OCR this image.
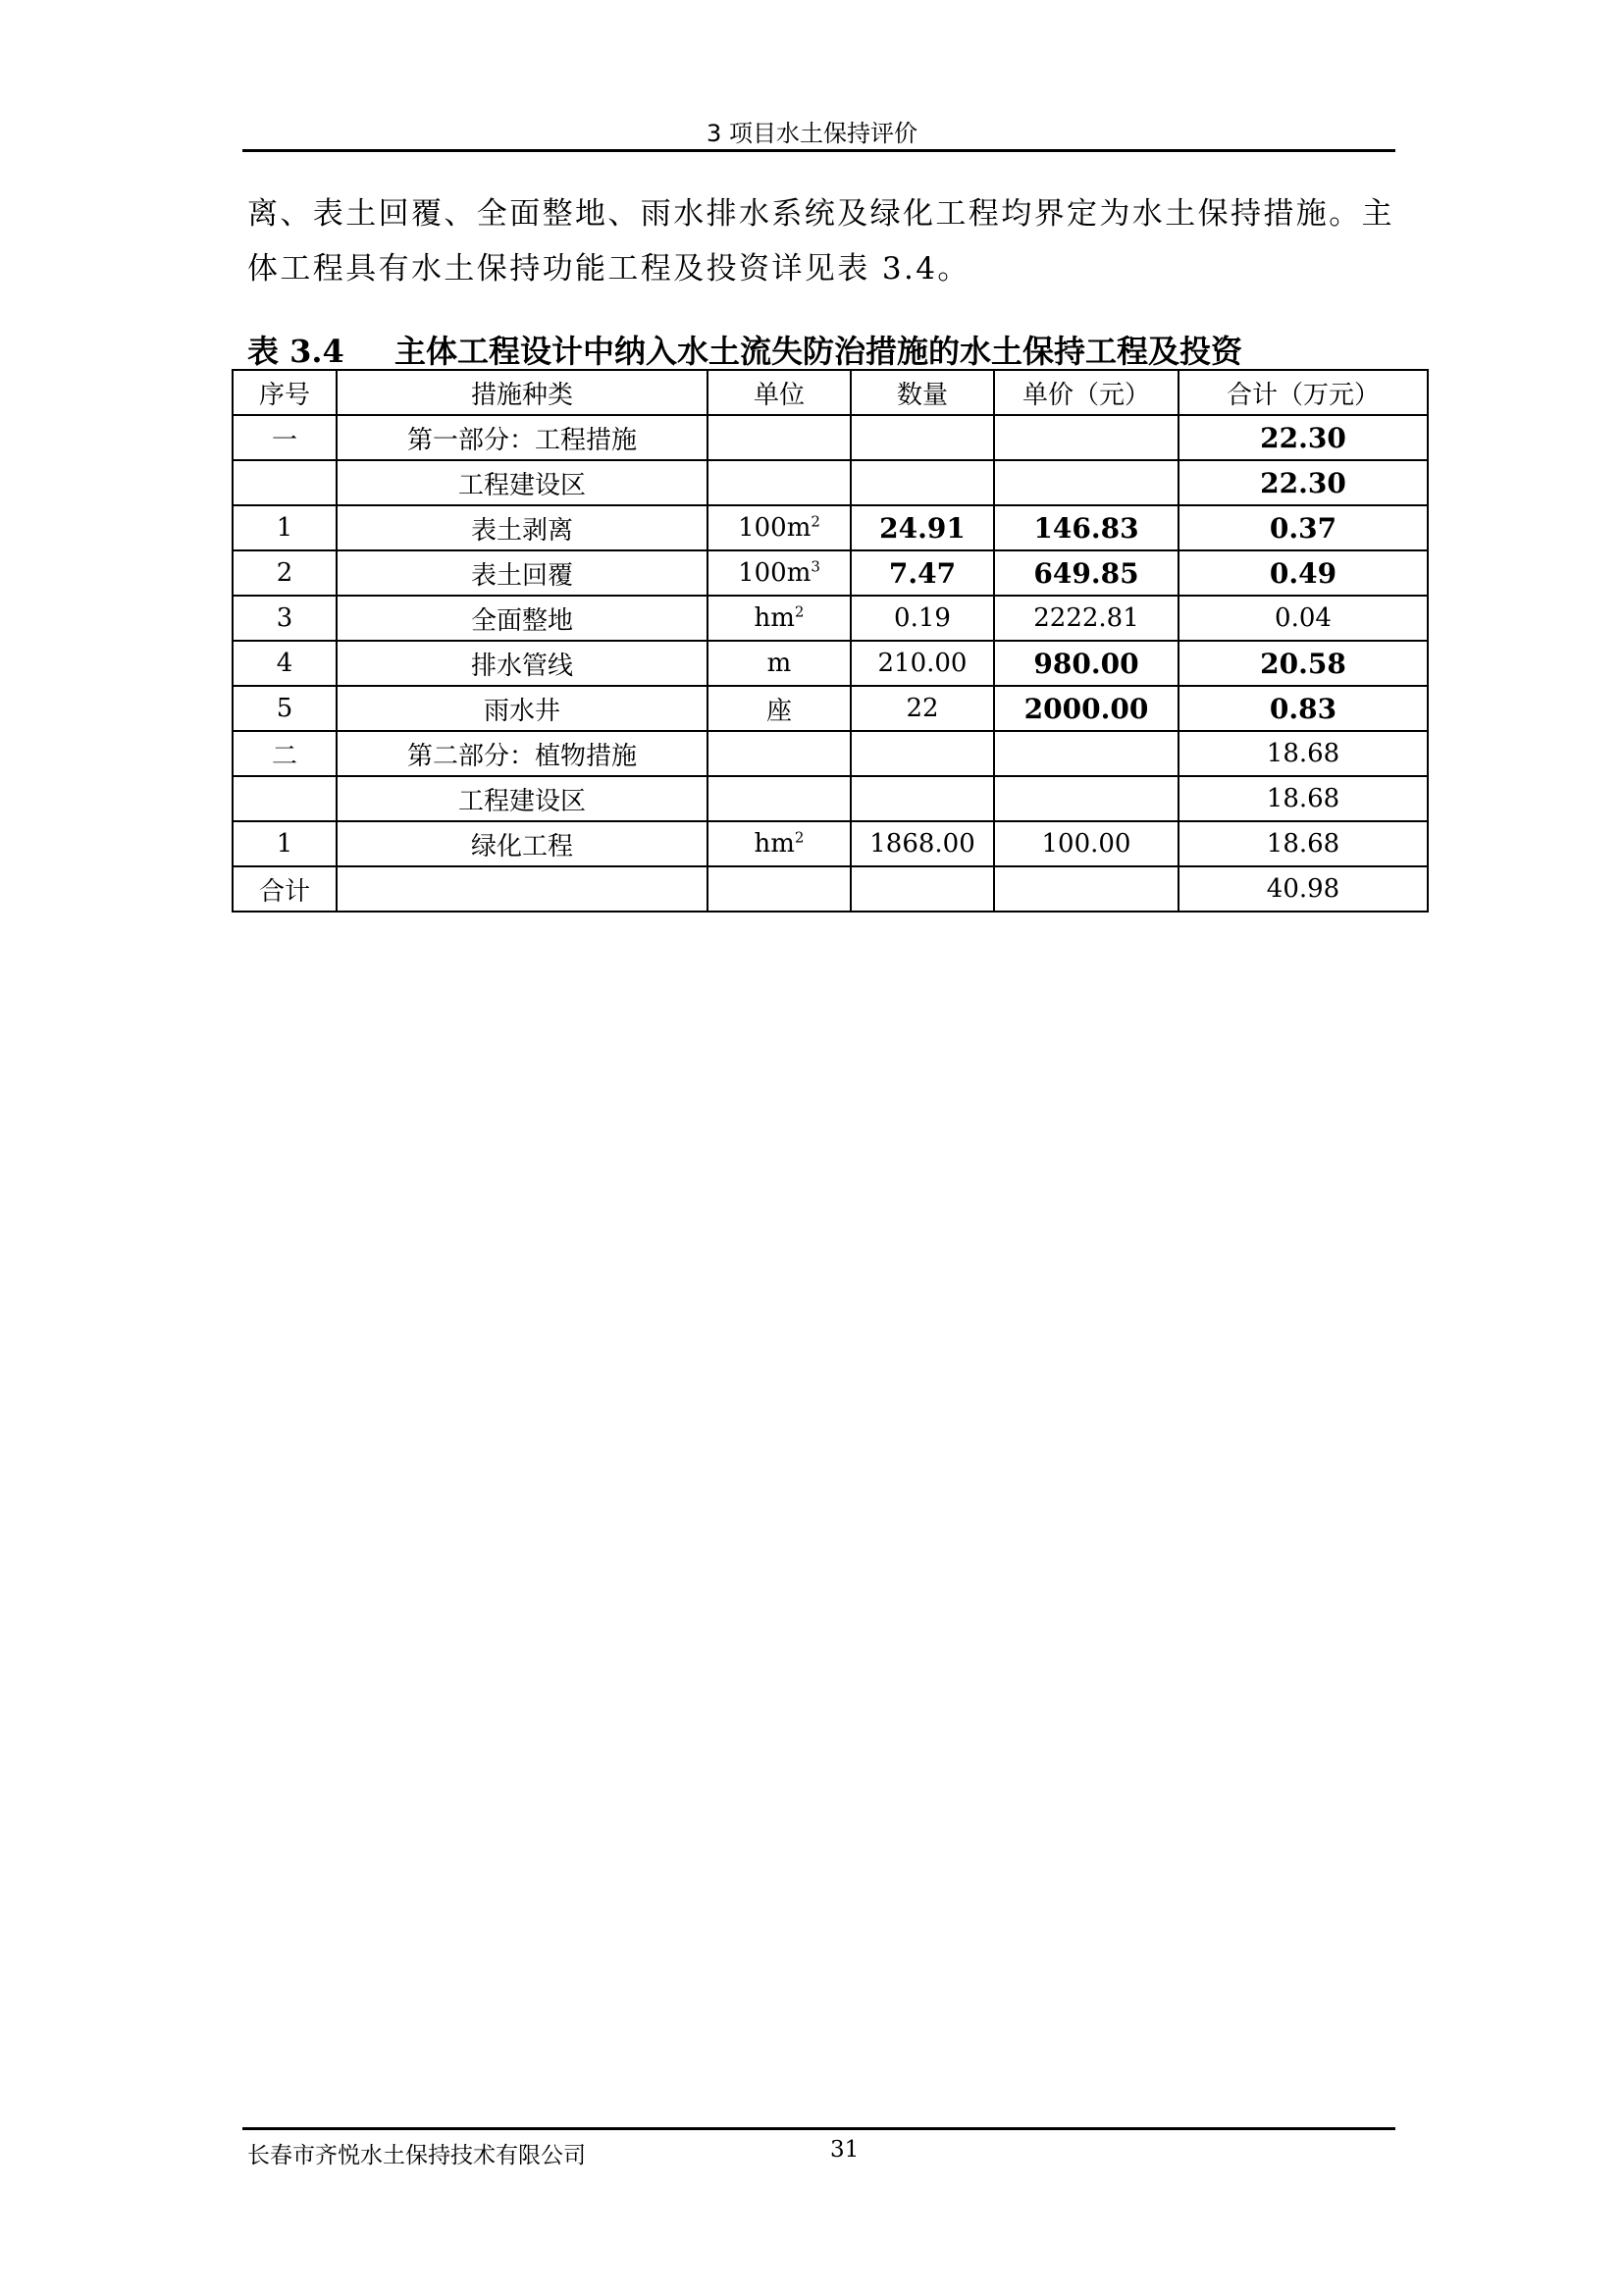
3 项目水土保持评价
离、表土回覆、全面整地、雨水排水系统及绿化工程均界定为水土保持措施。主体工程具有水土保持功能工程及投资详见表 3.4。
表 3.4 主体工程设计中纳入水土流失防治措施的水土保持工程及投资
序号	措施种类	单位	数量	单价（元）	合计（万元）
一	第一部分：工程措施				22.30
	工程建设区				22.30
1	表土剥离	$100m^2$	24.91	146.83	0.37
2	表土回覆	$100m^3$	7.47	649.85	0.49
3	全面整地	$hm^2$	0.19	2222.81	0.04
4	排水管线	m	210.00	980.00	20.58
5	雨水井	座	22	2000.00	0.83
二	第二部分：植物措施				18.68
	工程建设区				18.68
1	绿化工程	$hm^2$	1868.00	100.00	18.68
合计					40.98
长春市齐悦水土保持技术有限公司	31
